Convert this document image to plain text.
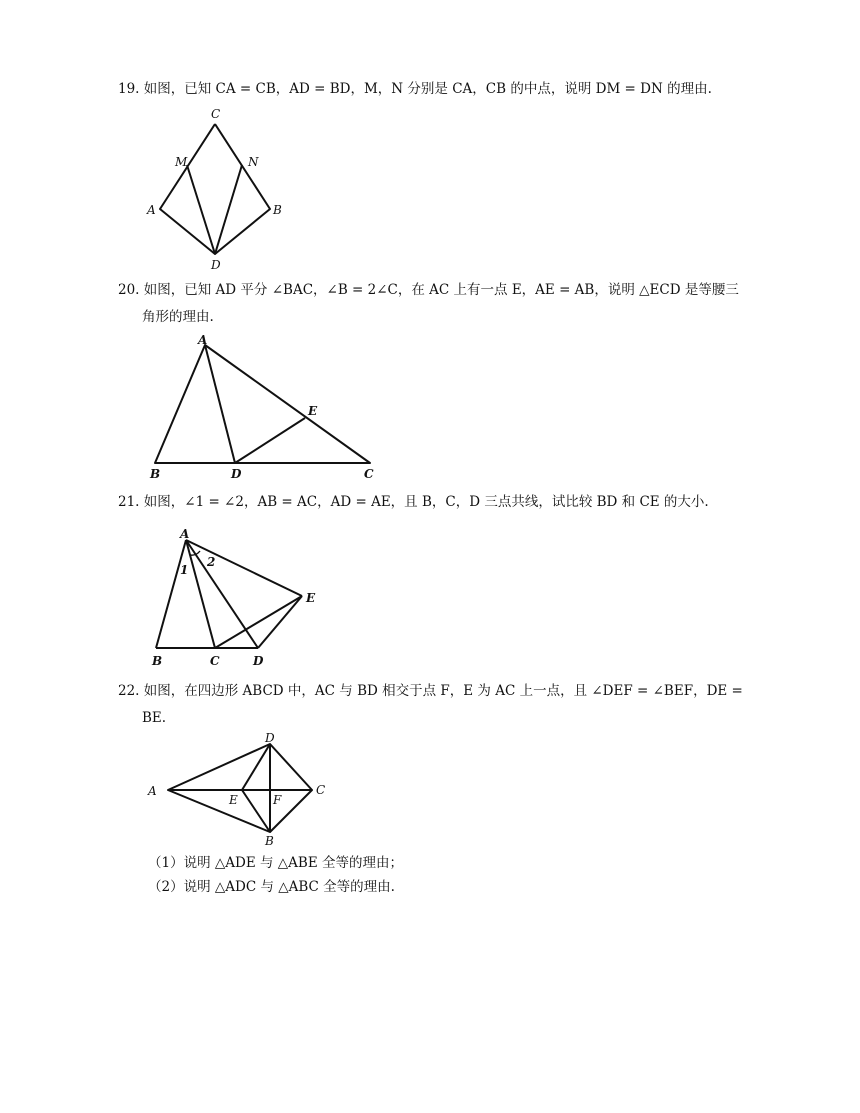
19. 如图，已知 CA = CB，AD = BD，M，N 分别是 CA，CB 的中点，说明 DM = DN 的理由.
C
M	N
A	B
D
20. 如图，已知 AD 平分 ∠BAC，∠B = 2∠C，在 AC 上有一点 E，AE = AB，说明 △ECD 是等腰三
角形的理由.
A
E
B	D	C
21. 如图，∠1 = ∠2，AB = AC，AD = AE，且 B，C，D 三点共线，试比较 BD 和 CE 的大小.
A
1
2
E
B	C	D
22. 如图，在四边形 ABCD 中，AC 与 BD 相交于点 F，E 为 AC 上一点，且 ∠DEF = ∠BEF，DE =
BE.
D
A
E	F
C
B
（1）说明 △ADE 与 △ABE 全等的理由；
（2）说明 △ADC 与 △ABC 全等的理由.
